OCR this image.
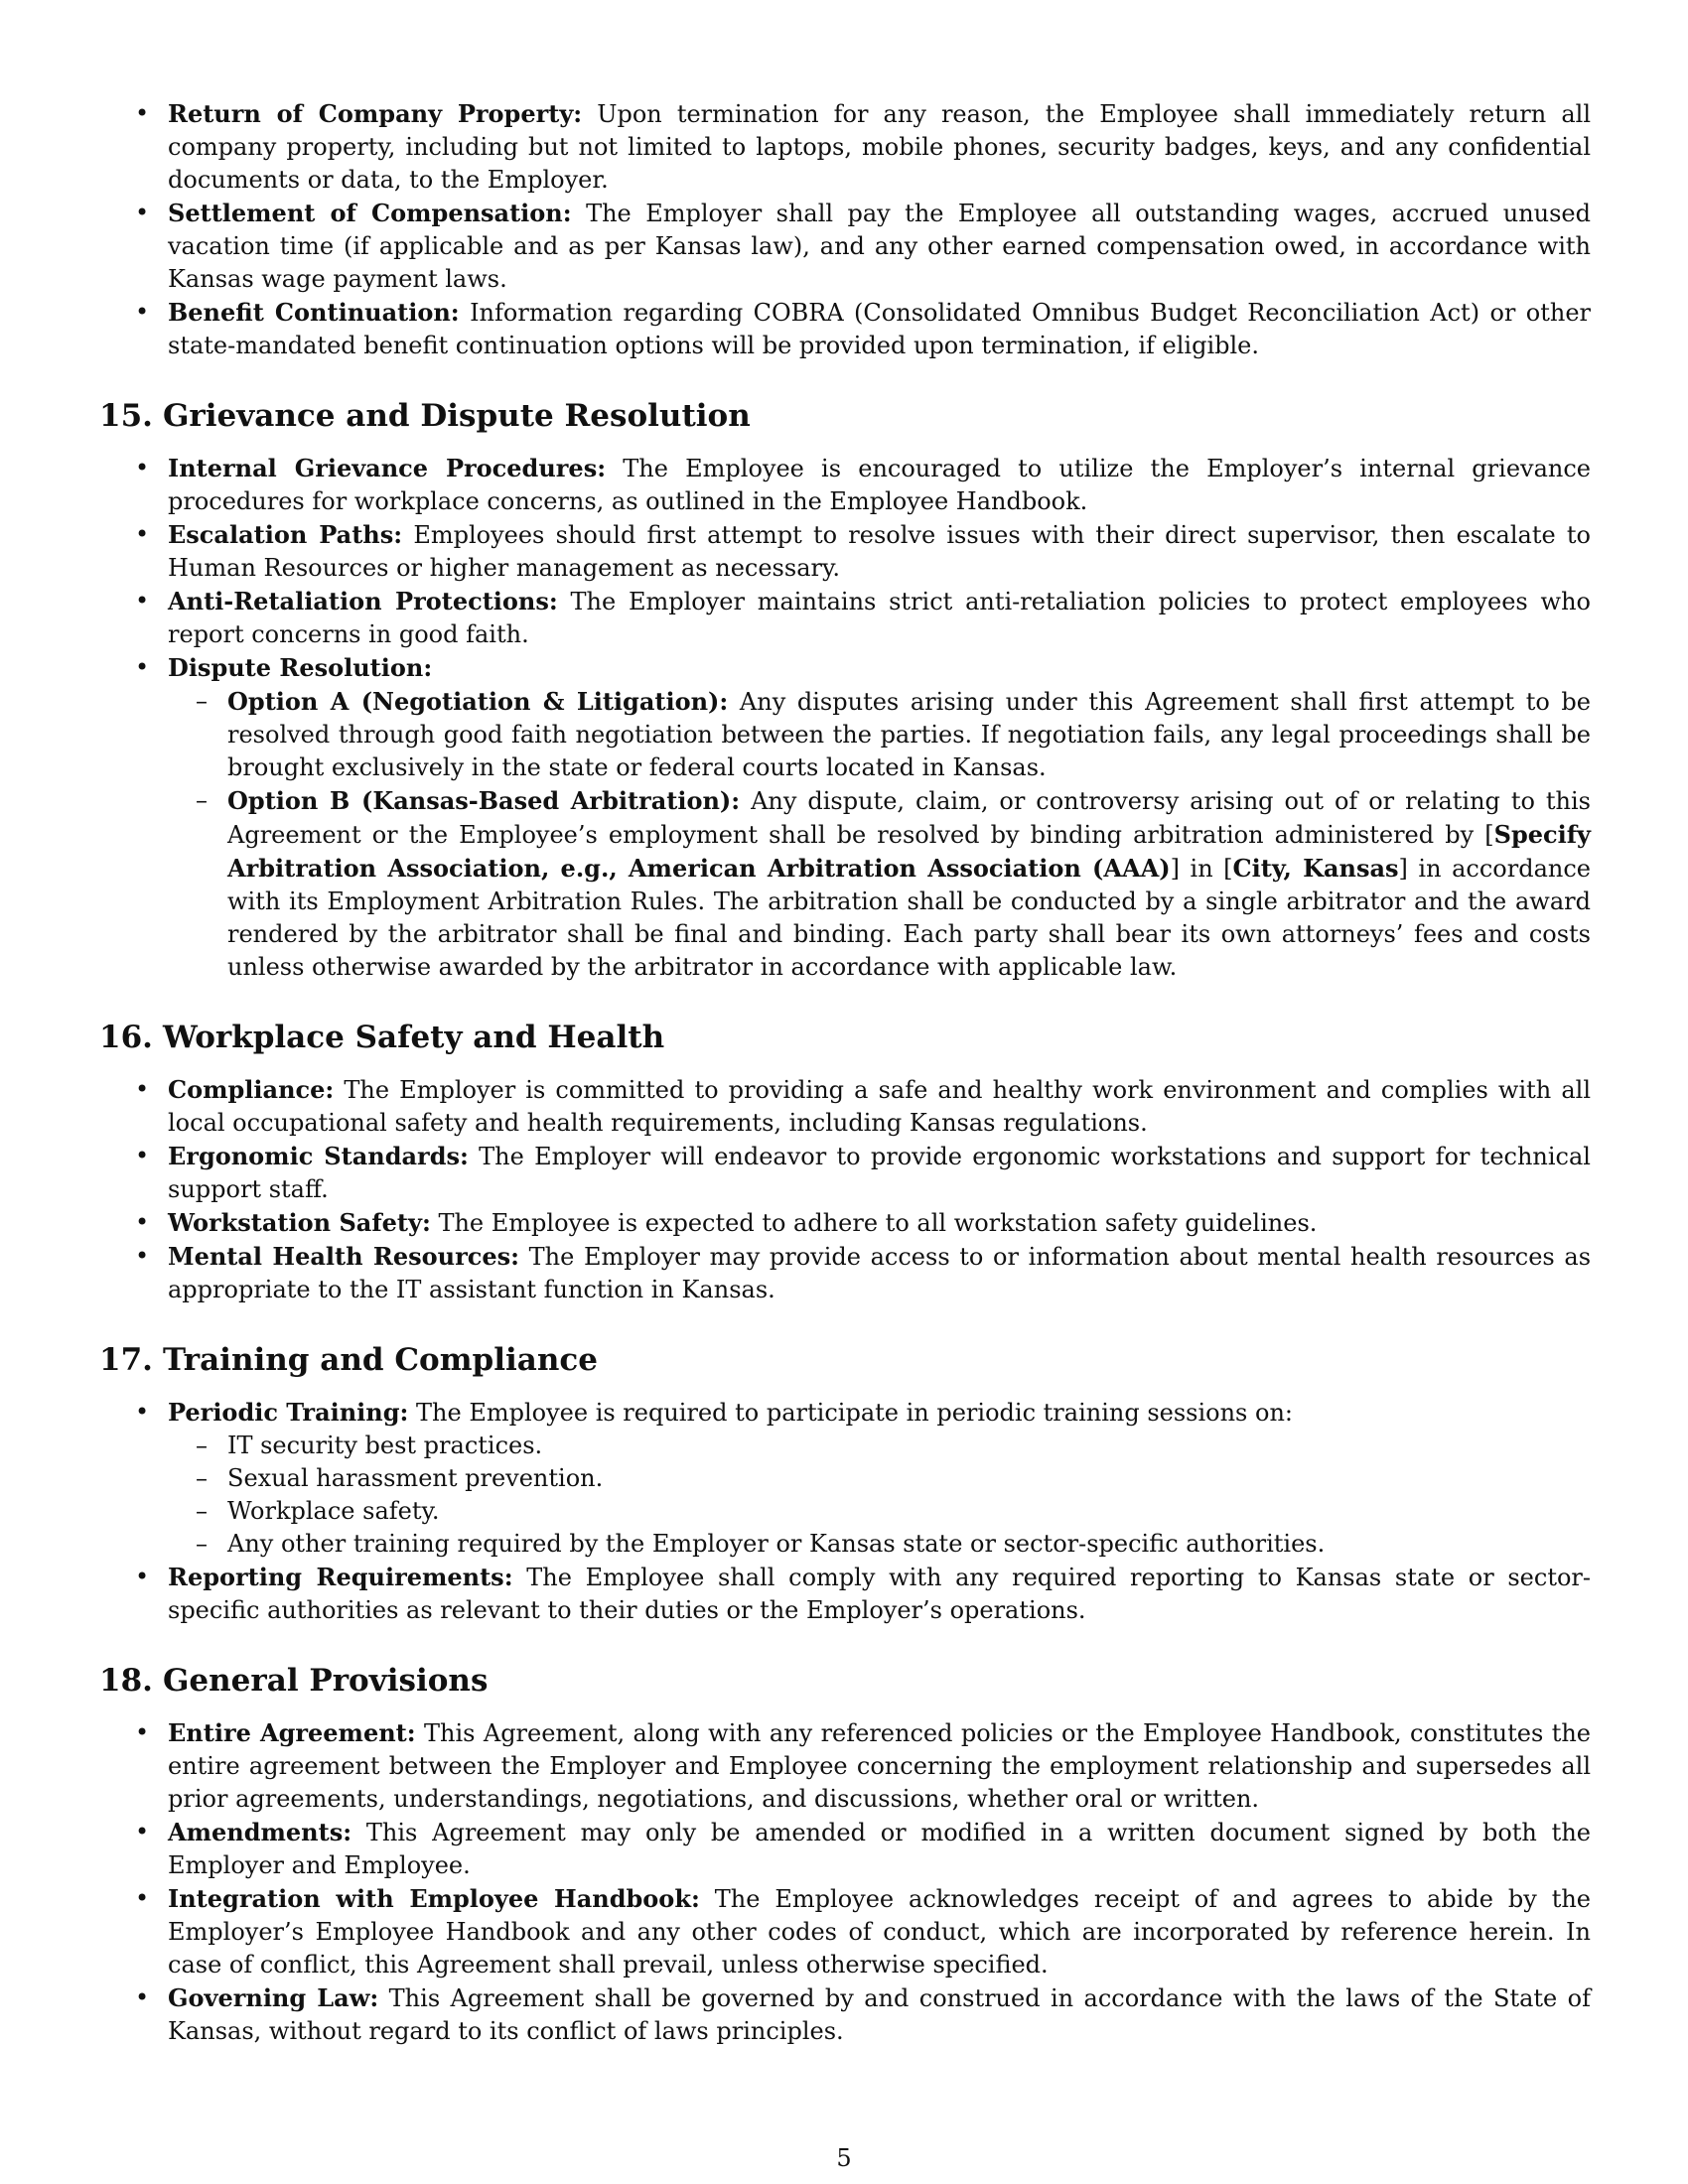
• Return of Company Property: Upon termination for any reason, the Employee shall immediately return all company property, including but not limited to laptops, mobile phones, security badges, keys, and any confidential documents or data, to the Employer.
• Settlement of Compensation: The Employer shall pay the Employee all outstanding wages, accrued unused vacation time (if applicable and as per Kansas law), and any other earned compensation owed, in accordance with Kansas wage payment laws.
• Benefit Continuation: Information regarding COBRA (Consolidated Omnibus Budget Reconciliation Act) or other state-mandated benefit continuation options will be provided upon termination, if eligible.
15. Grievance and Dispute Resolution
• Internal Grievance Procedures: The Employee is encouraged to utilize the Employer’s internal grievance procedures for workplace concerns, as outlined in the Employee Handbook.
• Escalation Paths: Employees should first attempt to resolve issues with their direct supervisor, then escalate to Human Resources or higher management as necessary.
• Anti-Retaliation Protections: The Employer maintains strict anti-retaliation policies to protect employees who report concerns in good faith.
• Dispute Resolution:
– Option A (Negotiation & Litigation): Any disputes arising under this Agreement shall first attempt to be resolved through good faith negotiation between the parties. If negotiation fails, any legal proceedings shall be brought exclusively in the state or federal courts located in Kansas.
– Option B (Kansas-Based Arbitration): Any dispute, claim, or controversy arising out of or relating to this Agreement or the Employee’s employment shall be resolved by binding arbitration administered by [Specify Arbitration Association, e.g., American Arbitration Association (AAA)] in [City, Kansas] in accordance with its Employment Arbitration Rules. The arbitration shall be conducted by a single arbitrator and the award rendered by the arbitrator shall be final and binding. Each party shall bear its own attorneys’ fees and costs unless otherwise awarded by the arbitrator in accordance with applicable law.
16. Workplace Safety and Health
• Compliance: The Employer is committed to providing a safe and healthy work environment and complies with all local occupational safety and health requirements, including Kansas regulations.
• Ergonomic Standards: The Employer will endeavor to provide ergonomic workstations and support for technical support staff.
• Workstation Safety: The Employee is expected to adhere to all workstation safety guidelines.
• Mental Health Resources: The Employer may provide access to or information about mental health resources as appropriate to the IT assistant function in Kansas.
17. Training and Compliance
• Periodic Training: The Employee is required to participate in periodic training sessions on:
– IT security best practices.
– Sexual harassment prevention.
– Workplace safety.
– Any other training required by the Employer or Kansas state or sector-specific authorities.
• Reporting Requirements: The Employee shall comply with any required reporting to Kansas state or sector-specific authorities as relevant to their duties or the Employer’s operations.
18. General Provisions
• Entire Agreement: This Agreement, along with any referenced policies or the Employee Handbook, constitutes the entire agreement between the Employer and Employee concerning the employment relationship and supersedes all prior agreements, understandings, negotiations, and discussions, whether oral or written.
• Amendments: This Agreement may only be amended or modified in a written document signed by both the Employer and Employee.
• Integration with Employee Handbook: The Employee acknowledges receipt of and agrees to abide by the Employer’s Employee Handbook and any other codes of conduct, which are incorporated by reference herein. In case of conflict, this Agreement shall prevail, unless otherwise specified.
• Governing Law: This Agreement shall be governed by and construed in accordance with the laws of the State of Kansas, without regard to its conflict of laws principles.
5
